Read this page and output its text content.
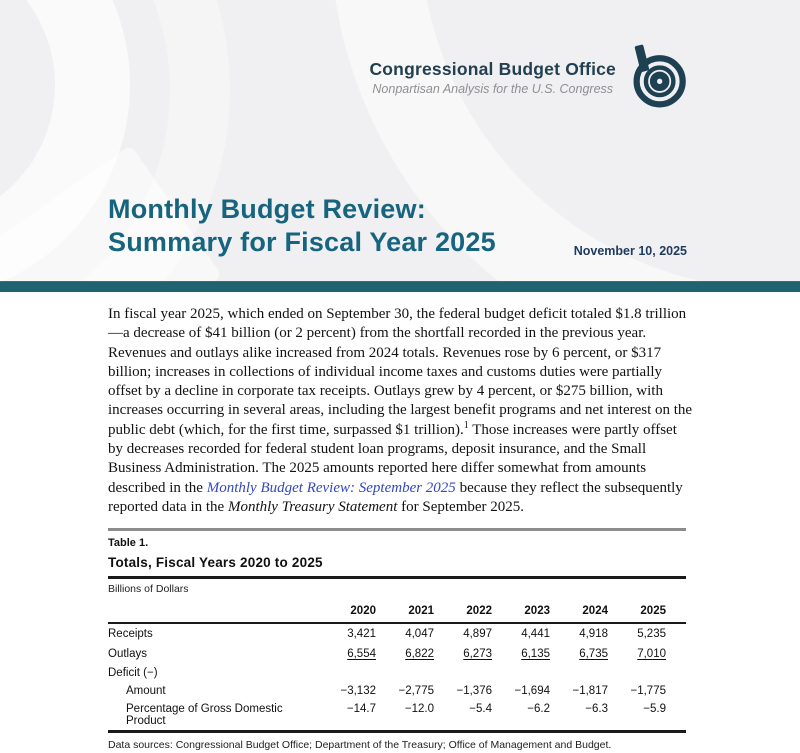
Congressional Budget Office
Nonpartisan Analysis for the U.S. Congress
Monthly Budget Review:
Summary for Fiscal Year 2025	November 10, 2025

In fiscal year 2025, which ended on September 30, the federal budget deficit totaled $1.8 trillion—a decrease of $41 billion (or 2 percent) from the shortfall recorded in the previous year. Revenues and outlays alike increased from 2024 totals. Revenues rose by 6 percent, or $317 billion; increases in collections of individual income taxes and customs duties were partially offset by a decline in corporate tax receipts. Outlays grew by 4 percent, or $275 billion, with increases occurring in several areas, including the largest benefit programs and net interest on the public debt (which, for the first time, surpassed $1 trillion).$^1$ Those increases were partly offset by decreases recorded for federal student loan programs, deposit insurance, and the Small Business Administration. The 2025 amounts reported here differ somewhat from amounts described in the Monthly Budget Review: September 2025 because they reflect the subsequently reported data in the Monthly Treasury Statement for September 2025.

Table 1.
Totals, Fiscal Years 2020 to 2025
Billions of Dollars
2020	2021	2022	2023	2024	2025
Receipts	3,421	4,047	4,897	4,441	4,918	5,235
Outlays	6,554	6,822	6,273	6,135	6,735	7,010
Deficit (−)
Amount	−3,132	−2,775	−1,376	−1,694	−1,817	−1,775
Percentage of Gross Domestic Product
−14.7	−12.0	−5.4	−6.2	−6.3	−5.9
Data sources: Congressional Budget Office; Department of the Treasury; Office of Management and Budget.
